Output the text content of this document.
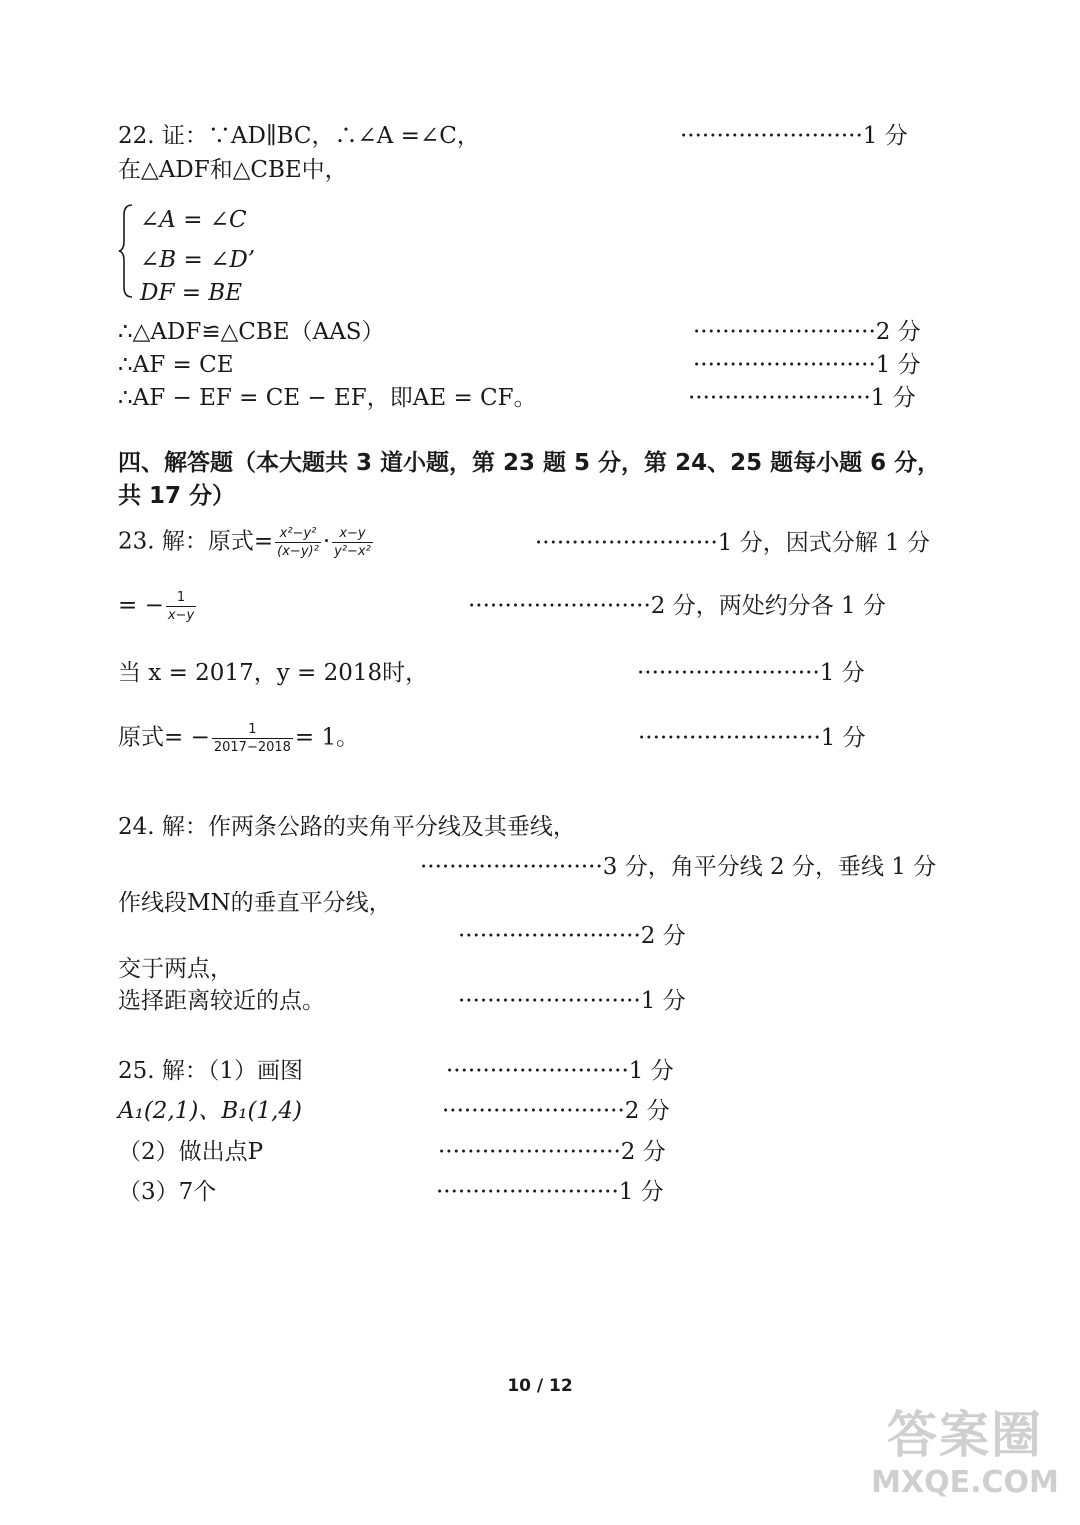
22. 证：∵AD∥BC，∴∠A =∠C，	·························1 分
在△ADF和△CBE中，
∠A = ∠C
∠B = ∠D’
DF = BE
∴△ADF≌△CBE（AAS）	·························2 分
∴AF = CE	·························1 分
∴AF − EF = CE − EF，即AE = CF。	·························1 分
四、解答题（本大题共 3 道小题，第 23 题 5 分，第 24、25 题每小题 6 分，
共 17 分）
23. 解：原式= $\frac{\text{x²−y²}}{\text{(x−y)²}} \cdot \frac{x-y}{\text{y²−x²}}$	·························1 分，因式分解 1 分
= − $\frac{1}{x-y}$	·························2 分，两处约分各 1 分
当 x = 2017，y = 2018时，	·························1 分
原式= − $\frac{1}{2017-2018} = 1$。	·························1 分
24. 解：作两条公路的夹角平分线及其垂线，
·························3 分，角平分线 2 分，垂线 1 分
作线段MN的垂直平分线，
·························2 分
交于两点，
选择距离较近的点。	·························1 分
25. 解：（1）画图	·························1 分
A₁(2,1)、B₁(1,4)	·························2 分
（2）做出点P	·························2 分
（3）7个	·························1 分
10 / 12
答案圈
MXQE.COM
